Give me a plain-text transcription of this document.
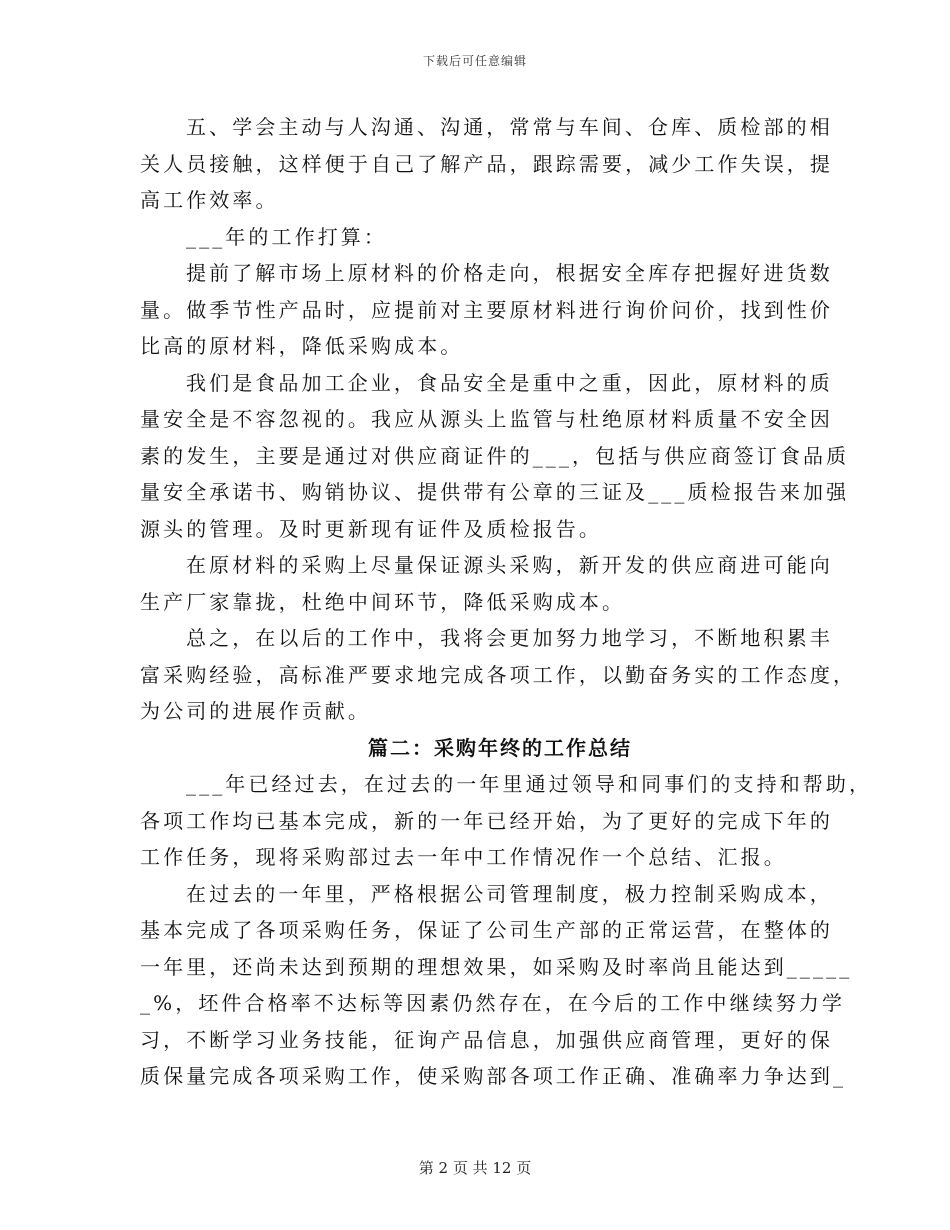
下载后可任意编辑
五、学会主动与人沟通、沟通，常常与车间、仓库、质检部的相
关人员接触，这样便于自己了解产品，跟踪需要，减少工作失误，提
高工作效率。
___年的工作打算：
提前了解市场上原材料的价格走向，根据安全库存把握好进货数
量。做季节性产品时，应提前对主要原材料进行询价问价，找到性价
比高的原材料，降低采购成本。
我们是食品加工企业，食品安全是重中之重，因此，原材料的质
量安全是不容忽视的。我应从源头上监管与杜绝原材料质量不安全因
素的发生，主要是通过对供应商证件的___，包括与供应商签订食品质
量安全承诺书、购销协议、提供带有公章的三证及___质检报告来加强
源头的管理。及时更新现有证件及质检报告。
在原材料的采购上尽量保证源头采购，新开发的供应商进可能向
生产厂家靠拢，杜绝中间环节，降低采购成本。
总之，在以后的工作中，我将会更加努力地学习，不断地积累丰
富采购经验，高标准严要求地完成各项工作，以勤奋务实的工作态度，
为公司的进展作贡献。
篇二：采购年终的工作总结
___年已经过去，在过去的一年里通过领导和同事们的支持和帮助，
各项工作均已基本完成，新的一年已经开始，为了更好的完成下年的
工作任务，现将采购部过去一年中工作情况作一个总结、汇报。
在过去的一年里，严格根据公司管理制度，极力控制采购成本，
基本完成了各项采购任务，保证了公司生产部的正常运营，在整体的
一年里，还尚未达到预期的理想效果，如采购及时率尚且能达到_____
_%，坯件合格率不达标等因素仍然存在，在今后的工作中继续努力学
习，不断学习业务技能，征询产品信息，加强供应商管理，更好的保
质保量完成各项采购工作，使采购部各项工作正确、准确率力争达到_
第 2 页 共 12 页
